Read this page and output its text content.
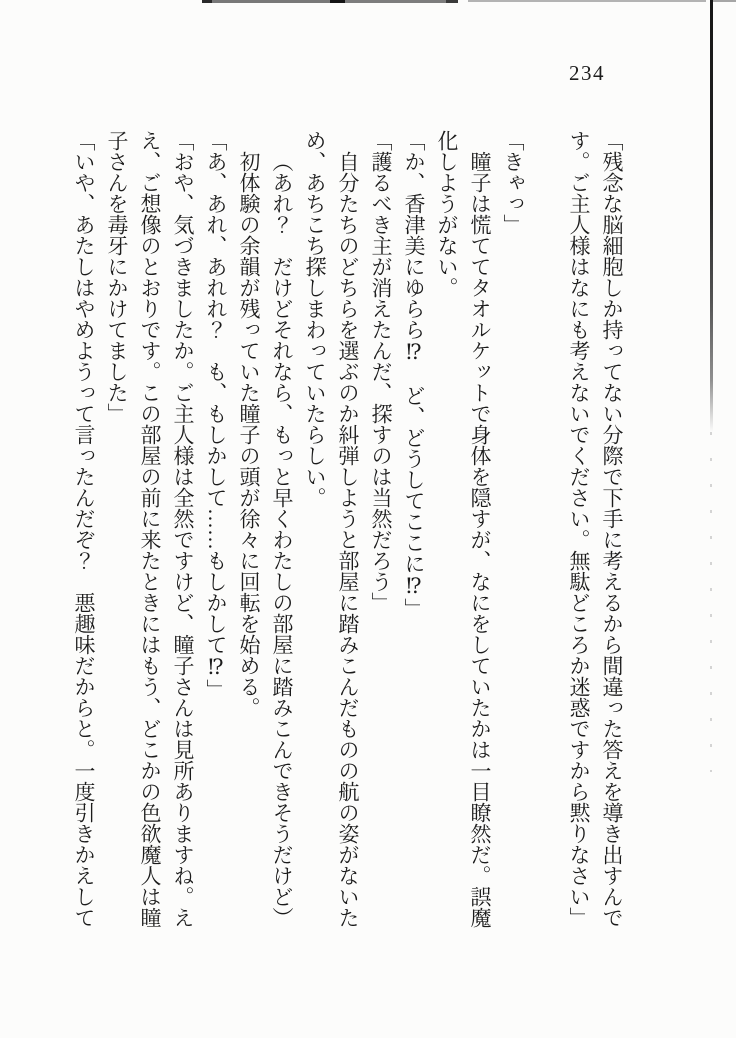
234

「残念な脳細胞しか持ってない分際で下手に考えるから間違った答えを導き出すんです。ご主人様はなにも考えないでください。無駄どころか迷惑ですから黙りなさい」

「きゃっ」

瞳子は慌ててタオルケットで身体を隠すが、なにをしていたかは一目瞭然だ。誤魔化しようがない。

「か、香津美にゆらら⁉　ど、どうしてここに⁉」

「護るべき主が消えたんだ、探すのは当然だろう」

自分たちのどちらを選ぶのか糾弾しようと部屋に踏みこんだものの航の姿がないため、あちこち探しまわっていたらしい。

（あれ？　だけどそれなら、もっと早くわたしの部屋に踏みこんできそうだけど）

初体験の余韻が残っていた瞳子の頭が徐々に回転を始める。

「あ、あれ、あれれ？　も、もしかして……もしかして⁉」

「おや、気づきましたか。ご主人様は全然ですけど、瞳子さんは見所ありますね。ええ、ご想像のとおりです。この部屋の前に来たときにはもう、どこかの色欲魔人は瞳子さんを毒牙にかけてました」

「いや、あたしはやめようって言ったんだぞ？　悪趣味だからと。一度引きかえして
